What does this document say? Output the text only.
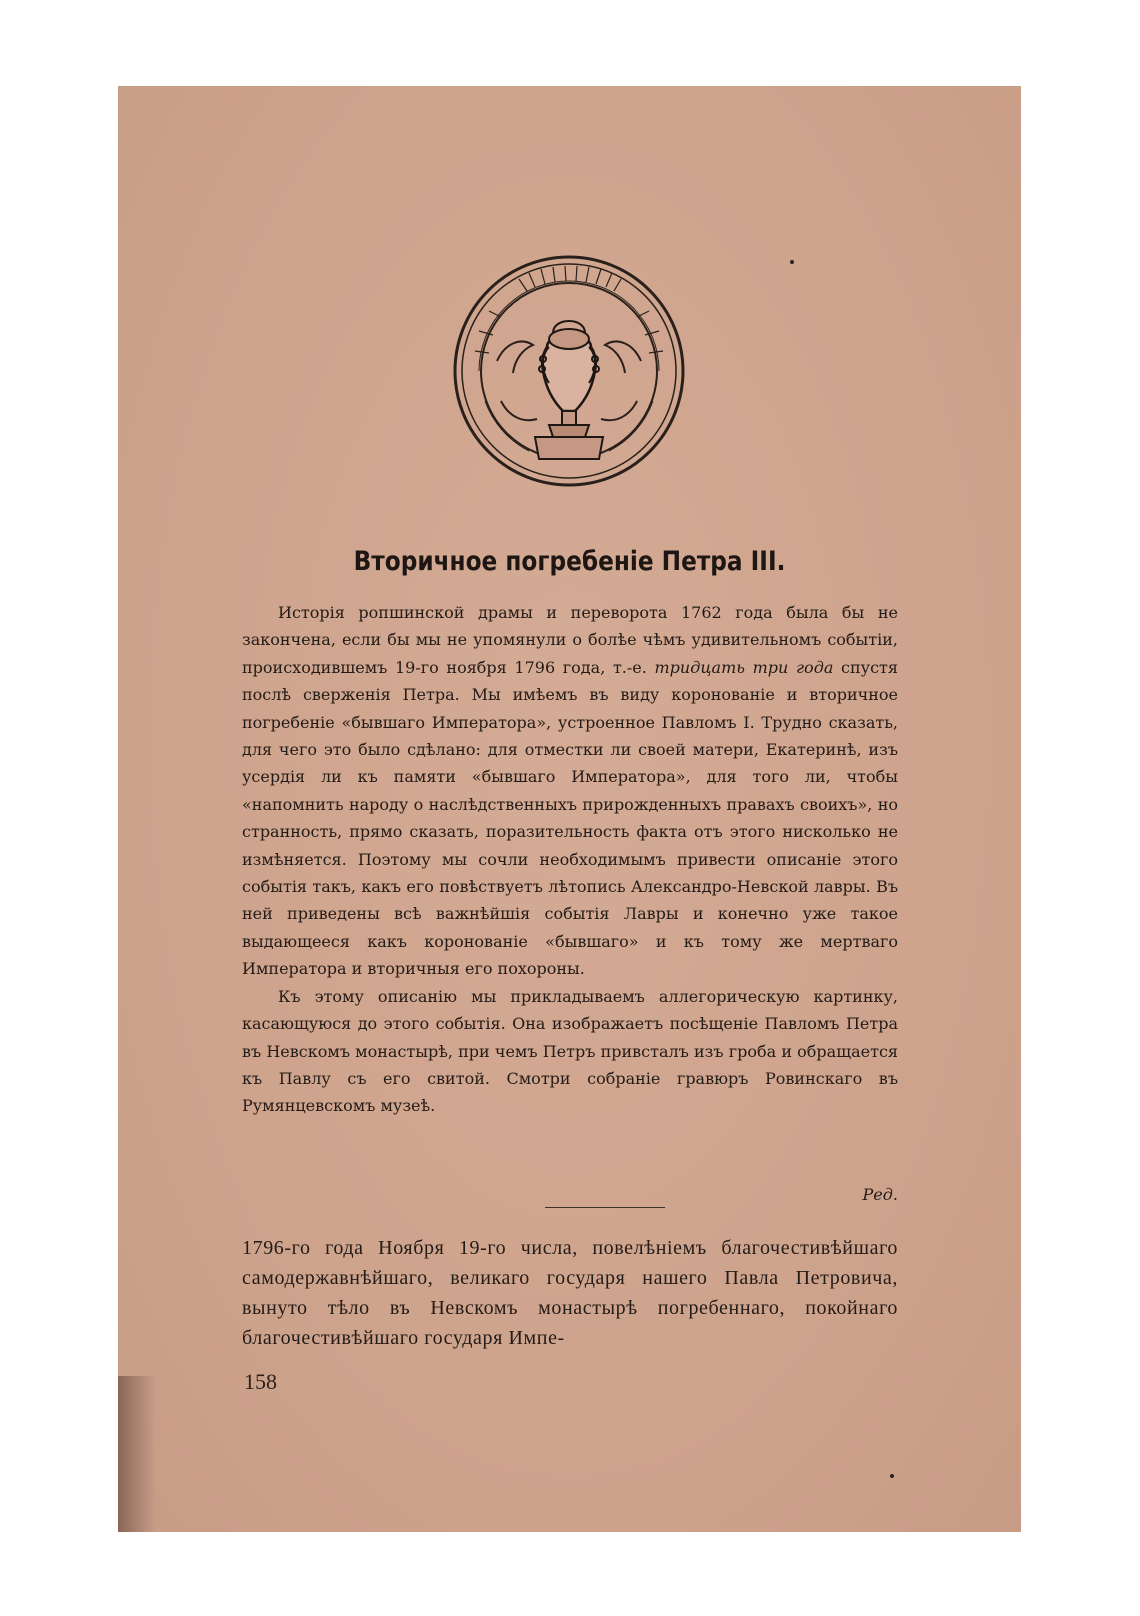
Вторичное погребеніе Петра III.

Исторія ропшинской драмы и переворота 1762 года была бы не закончена, если бы мы не упомянули о болѣе чѣмъ удивительномъ событіи, происходившемъ 19-го ноября 1796 года, т.-е. тридцать три года спустя послѣ сверженія Петра. Мы имѣемъ въ виду коронованіе и вторичное погребеніе «бывшаго Императора», устроенное Павломъ I. Трудно сказать, для чего это было сдѣлано: для отместки ли своей матери, Екатеринѣ, изъ усердія ли къ памяти «бывшаго Императора», для того ли, чтобы «напомнить народу о наслѣдственныхъ прирожденныхъ правахъ своихъ», но странность, прямо сказать, поразительность факта отъ этого нисколько не измѣняется. Поэтому мы сочли необходимымъ привести описаніе этого событія такъ, какъ его повѣствуетъ лѣтопись Александро-Невской лавры. Въ ней приведены всѣ важнѣйшія событія Лавры и конечно уже такое выдающееся какъ коронованіе «бывшаго» и къ тому же мертваго Императора и вторичныя его похороны.

Къ этому описанію мы прикладываемъ аллегорическую картинку, касающуюся до этого событія. Она изображаетъ посѣщеніе Павломъ Петра въ Невскомъ монастырѣ, при чемъ Петръ привсталъ изъ гроба и обращается къ Павлу съ его свитой. Смотри собраніе гравюръ Ровинскаго въ Румянцевскомъ музеѣ.

Ред.

1796-го года Ноября 19-го числа, повелѣніемъ благочестивѣйшаго самодержавнѣйшаго, великаго государя нашего Павла Петровича, вынуто тѣло въ Невскомъ монастырѣ погребеннаго, покойнаго благочестивѣйшаго государя Импе-

158
